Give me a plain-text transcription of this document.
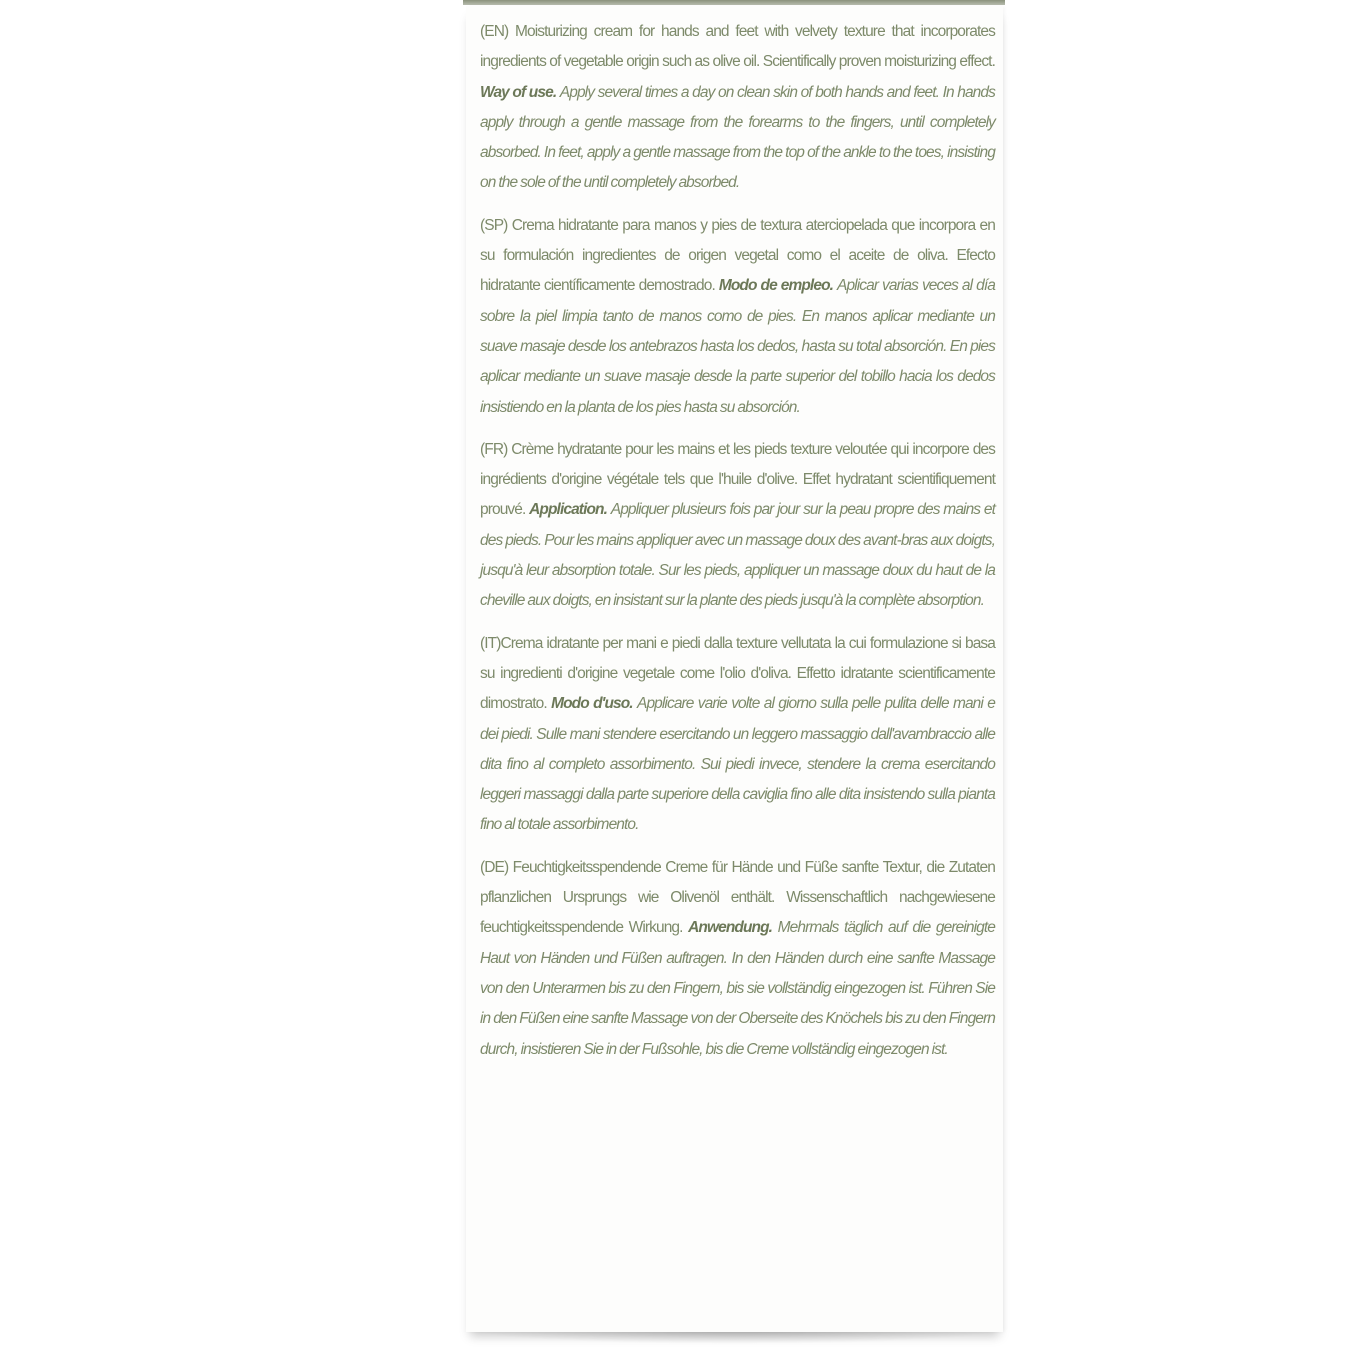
(EN) Moisturizing cream for hands and feet with velvety texture that incorporates ingredients of vegetable origin such as olive oil. Scientifically proven moisturizing effect. Way of use. Apply several times a day on clean skin of both hands and feet. In hands apply through a gentle massage from the forearms to the fingers, until completely absorbed. In feet, apply a gentle massage from the top of the ankle to the toes, insisting on the sole of the until completely absorbed.

(SP) Crema hidratante para manos y pies de textura aterciopelada que incorpora en su formulación ingredientes de origen vegetal como el aceite de oliva. Efecto hidratante científicamente demostrado. Modo de empleo. Aplicar varias veces al día sobre la piel limpia tanto de manos como de pies. En manos aplicar mediante un suave masaje desde los antebrazos hasta los dedos, hasta su total absorción. En pies aplicar mediante un suave masaje desde la parte superior del tobillo hacia los dedos insistiendo en la planta de los pies hasta su absorción.

(FR) Crème hydratante pour les mains et les pieds texture veloutée qui incorpore des ingrédients d'origine végétale tels que l'huile d'olive. Effet hydratant scientifiquement prouvé. Application. Appliquer plusieurs fois par jour sur la peau propre des mains et des pieds. Pour les mains appliquer avec un massage doux des avant-bras aux doigts, jusqu'à leur absorption totale. Sur les pieds, appliquer un massage doux du haut de la cheville aux doigts, en insistant sur la plante des pieds jusqu'à la complète absorption.

(IT)Crema idratante per mani e piedi dalla texture vellutata la cui formulazione si basa su ingredienti d'origine vegetale come l'olio d'oliva. Effetto idratante scientificamente dimostrato. Modo d'uso. Applicare varie volte al giorno sulla pelle pulita delle mani e dei piedi. Sulle mani stendere esercitando un leggero massaggio dall'avambraccio alle dita fino al completo assorbimento. Sui piedi invece, stendere la crema esercitando leggeri massaggi dalla parte superiore della caviglia fino alle dita insistendo sulla pianta fino al totale assorbimento.

(DE) Feuchtigkeitsspendende Creme für Hände und Füße sanfte Textur, die Zutaten pflanzlichen Ursprungs wie Olivenöl enthält. Wissenschaftlich nachgewiesene feuchtigkeitsspendende Wirkung. Anwendung. Mehrmals täglich auf die gereinigte Haut von Händen und Füßen auftragen. In den Händen durch eine sanfte Massage von den Unterarmen bis zu den Fingern, bis sie vollständig eingezogen ist. Führen Sie in den Füßen eine sanfte Massage von der Oberseite des Knöchels bis zu den Fingern durch, insistieren Sie in der Fußsohle, bis die Creme vollständig eingezogen ist.
